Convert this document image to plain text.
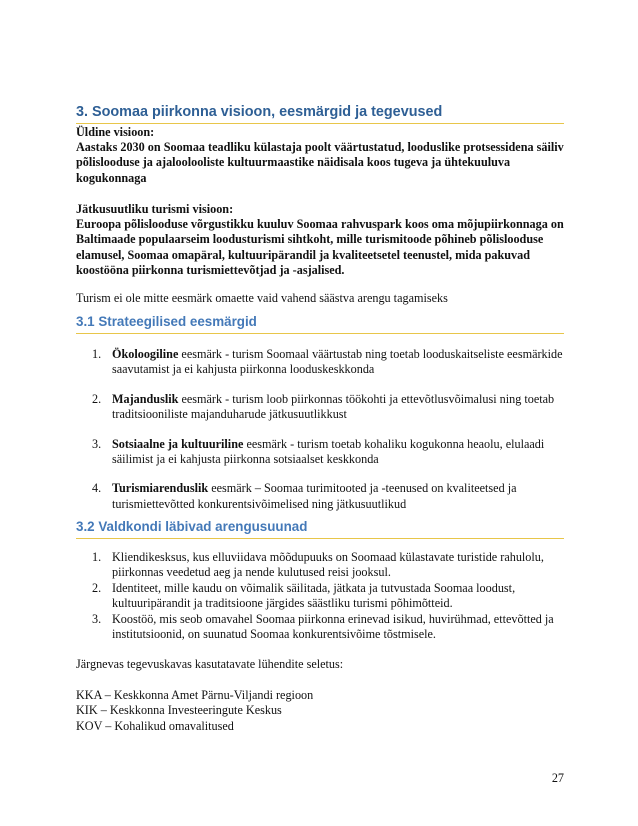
3. Soomaa piirkonna visioon, eesmärgid ja tegevused
Üldine visioon:
Aastaks 2030 on Soomaa teadliku külastaja poolt väärtustatud, looduslike protsessidena säiliv põlislooduse ja ajaloolooliste kultuurmaastike näidisala koos tugeva ja ühtekuuluva kogukonnaga
Jätkusuutliku turismi visioon:
Euroopa põlisloodusе võrgustikku kuuluv Soomaa rahvuspark koos oma mõjupiirkonnaga on Baltimaade populaarseim loodusturismi sihtkoht, mille turismitoode põhineb põlisloodusе elamusel, Soomaa omapäral, kultuuripärandil ja kvaliteetsetel teenustel, mida pakuvad koostööna piirkonna turismiettevõtjad ja -asjalised.
Turism ei ole mitte eesmärk omaette vaid vahend säästva arengu tagamiseks
3.1 Strateegilised eesmärgid
1. Ökoloogiline eesmärk - turism Soomaal väärtustab ning toetab looduskaitseliste eesmärkide saavutamist ja ei kahjusta piirkonna looduskeskkonda
2. Majanduslik eesmärk - turism loob piirkonnas töökohti ja ettevõtlusvõimalusi ning toetab traditsiooniliste majanduharude jätkusuutlikkust
3. Sotsiaalne ja kultuuriline eesmärk - turism toetab kohaliku kogukonna heaolu, elulaadi säilimist ja ei kahjusta piirkonna sotsiaalset keskkonda
4. Turismiarenduslik eesmärk – Soomaa turimitooted ja -teenused on kvaliteetsed ja turismiettevõtted konkurentsivõimelised ning jätkusuutlikud
3.2 Valdkondi läbivad arengusuunad
1. Kliendikesksus, kus elluviidava mõõdupuuks on Soomaad külastavate turistide rahulolu, piirkonnas veedetud aeg ja nende kulutused reisi jooksul.
2. Identiteet, mille kaudu on võimalik säilitada, jätkata ja tutvustada Soomaa loodust, kultuuripärandit ja traditsioone järgides säästliku turismi põhimõtteid.
3. Koostöö, mis seob omavahel Soomaa piirkonna erinevad isikud, huvirühmad, ettevõtted ja institutsioonid, on suunatud Soomaa konkurentsivõime tõstmisele.
Järgnevas tegevuskavas kasutatavate lühendite seletus:
KKA – Keskkonna Amet Pärnu-Viljandi regioon
KIK – Keskkonna Investeeringute Keskus
KOV – Kohalikud omavalitused
27
